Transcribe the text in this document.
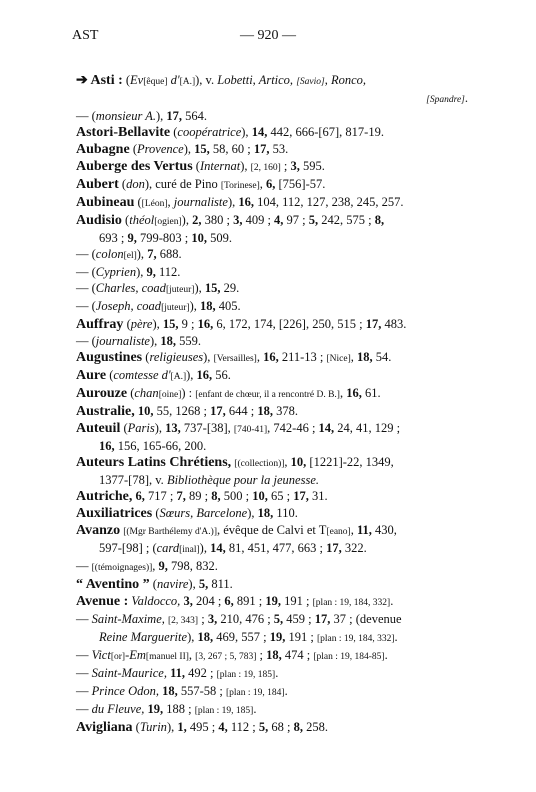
AST	— 920 —
➔ Asti : (Ev[êque] d'[A.]), v. Lobetti, Artico, [Savio], Ronco,
[Spandre].
— (monsieur A.), 17, 564.
Astori-Bellavite (coopératrice), 14, 442, 666-[67], 817-19.
Aubagne (Provence), 15, 58, 60 ; 17, 53.
Auberge des Vertus (Internat), [2, 160] ; 3, 595.
Aubert (don), curé de Pino [Torinese], 6, [756]-57.
Aubineau ([Léon], journaliste), 16, 104, 112, 127, 238, 245, 257.
Audisio (théol[ogien]), 2, 380 ; 3, 409 ; 4, 97 ; 5, 242, 575 ; 8,
693 ; 9, 799-803 ; 10, 509.
— (colon[el]), 7, 688.
— (Cyprien), 9, 112.
— (Charles, coad[juteur]), 15, 29.
— (Joseph, coad[juteur]), 18, 405.
Auffray (père), 15, 9 ; 16, 6, 172, 174, [226], 250, 515 ; 17, 483.
— (journaliste), 18, 559.
Augustines (religieuses), [Versailles], 16, 211-13 ; [Nice], 18, 54.
Aure (comtesse d'[A.]), 16, 56.
Aurouze (chan[oine]) : [enfant de chœur, il a rencontré D. B.], 16, 61.
Australie, 10, 55, 1268 ; 17, 644 ; 18, 378.
Auteuil (Paris), 13, 737-[38], [740-41], 742-46 ; 14, 24, 41, 129 ;
16, 156, 165-66, 200.
Auteurs Latins Chrétiens, [(collection)], 10, [1221]-22, 1349,
1377-[78], v. Bibliothèque pour la jeunesse.
Autriche, 6, 717 ; 7, 89 ; 8, 500 ; 10, 65 ; 17, 31.
Auxiliatrices (Sœurs, Barcelone), 18, 110.
Avanzo [(Mgr Barthélemy d'A.)], évêque de Calvi et T[eano], 11, 430,
597-[98] ; (card[inal]), 14, 81, 451, 477, 663 ; 17, 322.
— [(témoignages)], 9, 798, 832.
“ Aventino ” (navire), 5, 811.
Avenue : Valdocco, 3, 204 ; 6, 891 ; 19, 191 ; [plan : 19, 184, 332].
— Saint-Maxime, [2, 343] ; 3, 210, 476 ; 5, 459 ; 17, 37 ; (devenue
Reine Marguerite), 18, 469, 557 ; 19, 191 ; [plan : 19, 184, 332].
— Vict[or]-Em[manuel II], [3, 267 ; 5, 783] ; 18, 474 ; [plan : 19, 184-85].
— Saint-Maurice, 11, 492 ; [plan : 19, 185].
— Prince Odon, 18, 557-58 ; [plan : 19, 184].
— du Fleuve, 19, 188 ; [plan : 19, 185].
Avigliana (Turin), 1, 495 ; 4, 112 ; 5, 68 ; 8, 258.
